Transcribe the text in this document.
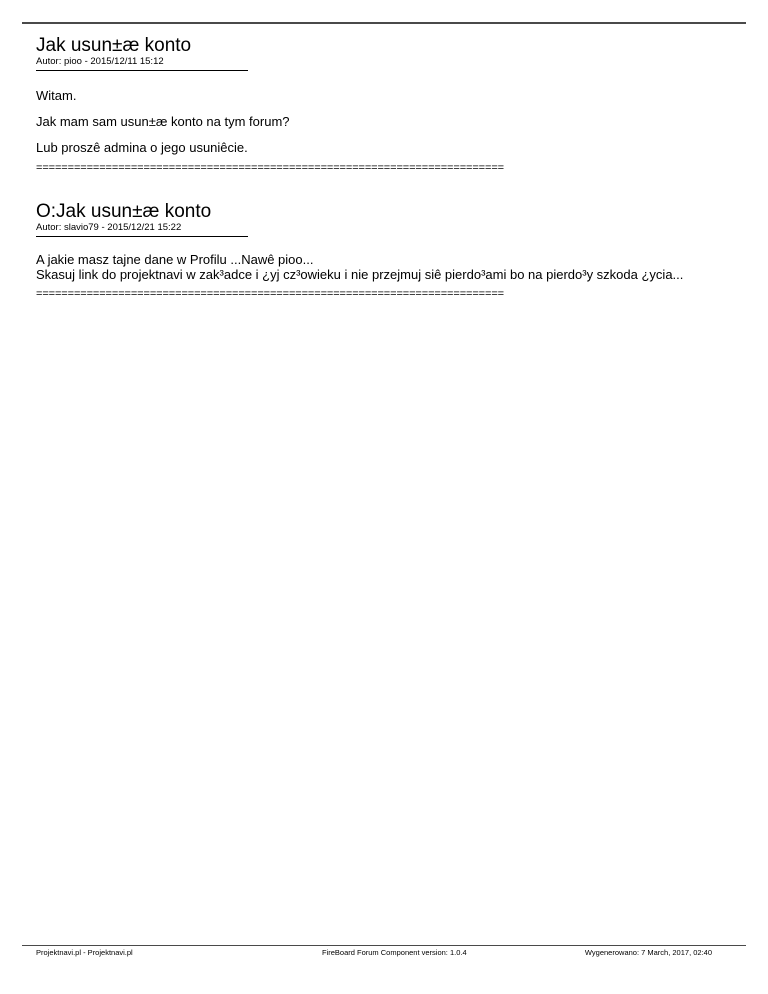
Jak usun±æ konto

Autor: pioo - 2015/12/11 15:12

Witam.

Jak mam sam usun±æ konto na tym forum?

Lub proszê admina o jego usuniêcie.

==========================================================================

O:Jak usun±æ konto

Autor: slavio79 - 2015/12/21 15:22

A jakie masz tajne dane w Profilu ...Nawê pioo...

Skasuj link do projektnavi w zak³adce i ¿yj cz³owieku i nie przejmuj siê pierdo³ami bo na pierdo³y szkoda ¿ycia...

==========================================================================

Projektnavi.pl - Projektnavi.pl	FireBoard Forum Component version: 1.0.4	Wygenerowano: 7 March, 2017, 02:40
